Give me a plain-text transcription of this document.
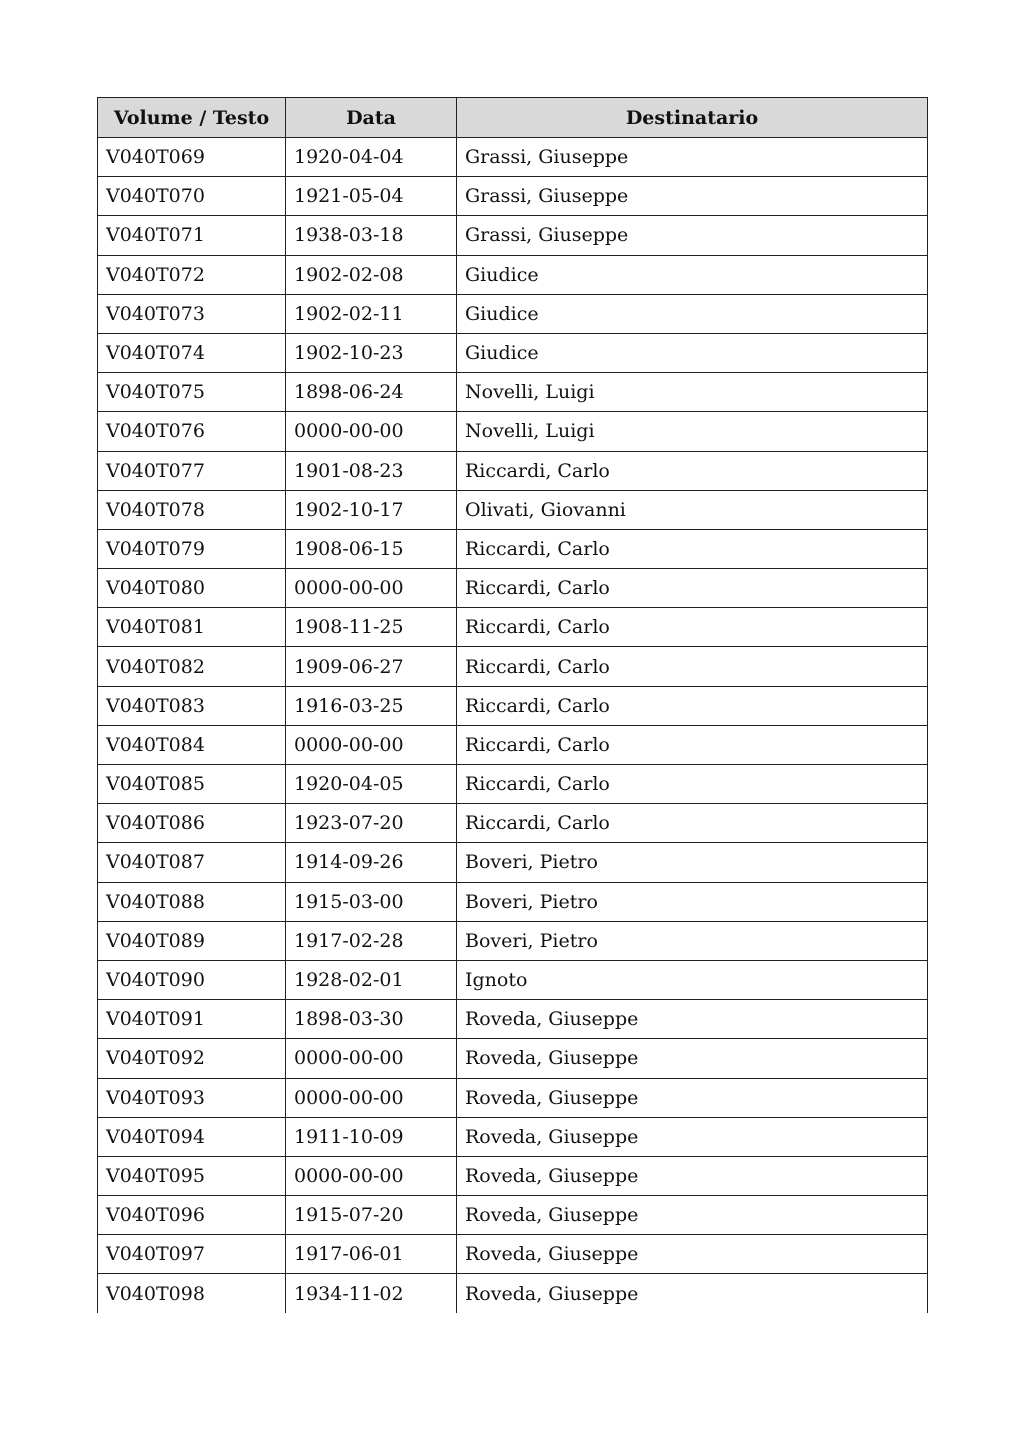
Volume / Testo	Data	Destinatario
V040T069	1920-04-04	Grassi, Giuseppe
V040T070	1921-05-04	Grassi, Giuseppe
V040T071	1938-03-18	Grassi, Giuseppe
V040T072	1902-02-08	Giudice
V040T073	1902-02-11	Giudice
V040T074	1902-10-23	Giudice
V040T075	1898-06-24	Novelli, Luigi
V040T076	0000-00-00	Novelli, Luigi
V040T077	1901-08-23	Riccardi, Carlo
V040T078	1902-10-17	Olivati, Giovanni
V040T079	1908-06-15	Riccardi, Carlo
V040T080	0000-00-00	Riccardi, Carlo
V040T081	1908-11-25	Riccardi, Carlo
V040T082	1909-06-27	Riccardi, Carlo
V040T083	1916-03-25	Riccardi, Carlo
V040T084	0000-00-00	Riccardi, Carlo
V040T085	1920-04-05	Riccardi, Carlo
V040T086	1923-07-20	Riccardi, Carlo
V040T087	1914-09-26	Boveri, Pietro
V040T088	1915-03-00	Boveri, Pietro
V040T089	1917-02-28	Boveri, Pietro
V040T090	1928-02-01	Ignoto
V040T091	1898-03-30	Roveda, Giuseppe
V040T092	0000-00-00	Roveda, Giuseppe
V040T093	0000-00-00	Roveda, Giuseppe
V040T094	1911-10-09	Roveda, Giuseppe
V040T095	0000-00-00	Roveda, Giuseppe
V040T096	1915-07-20	Roveda, Giuseppe
V040T097	1917-06-01	Roveda, Giuseppe
V040T098	1934-11-02	Roveda, Giuseppe
